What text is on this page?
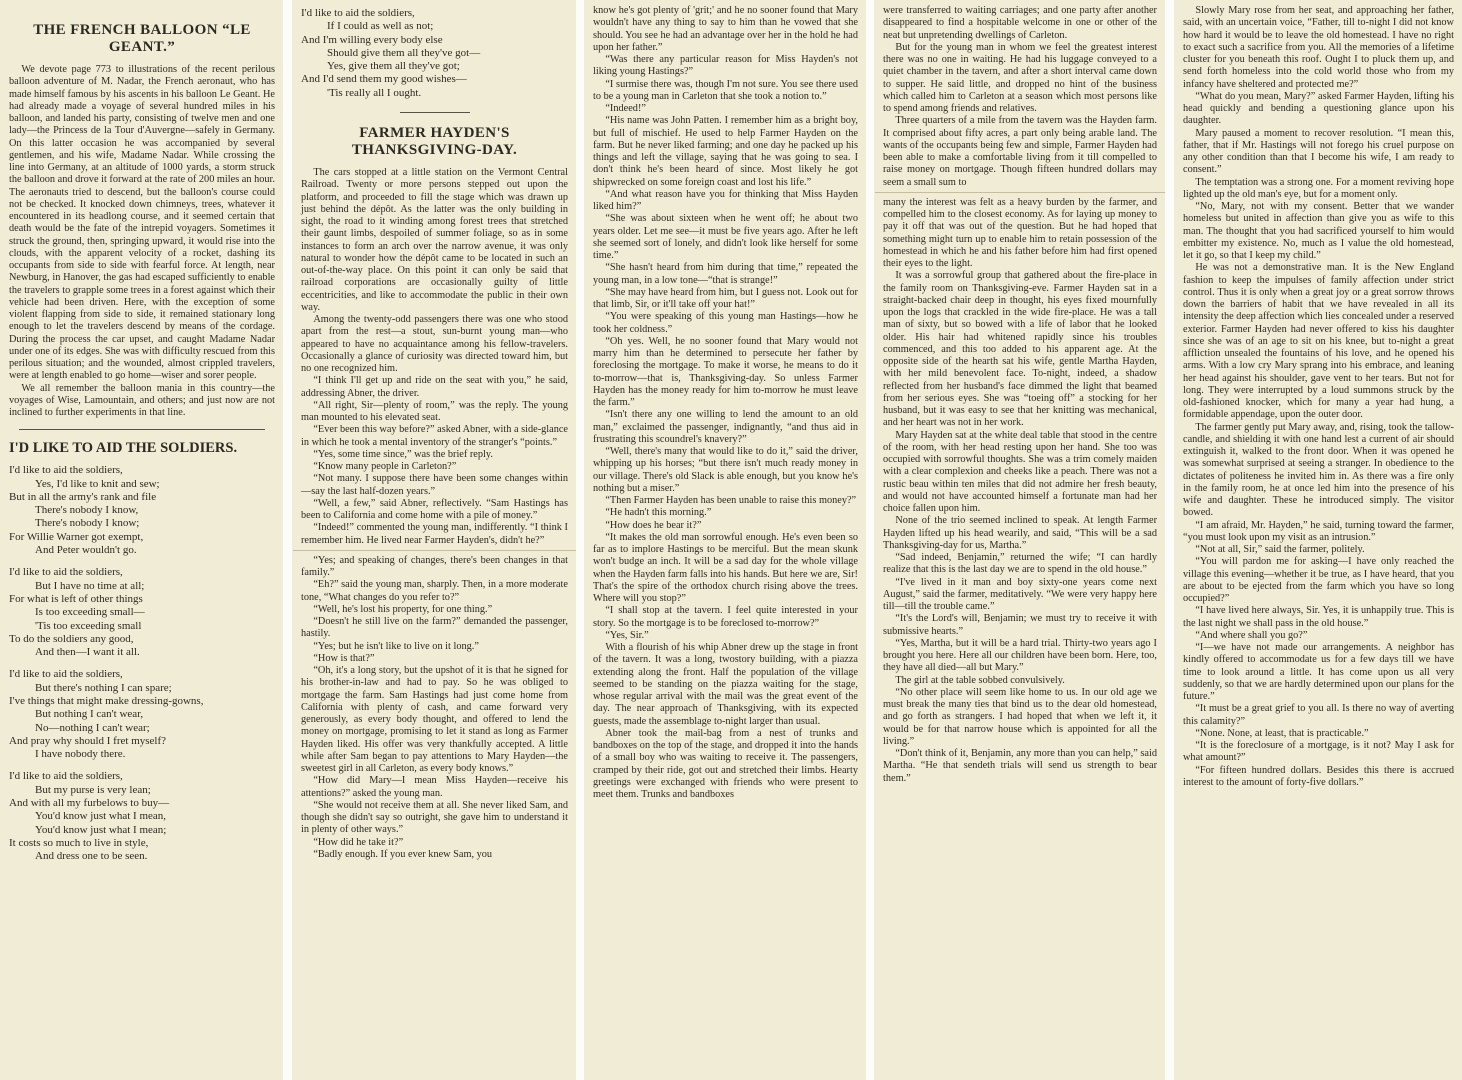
THE FRENCH BALLOON “LE GEANT.”

We devote page 773 to illustrations of the recent perilous balloon adventure of M. Nadar, the French aeronaut, who has made himself famous by his ascents in his balloon Le Geant. He had already made a voyage of several hundred miles in his balloon, and landed his party, consisting of twelve men and one lady—the Princess de la Tour d'Auvergne—safely in Germany. On this latter occasion he was accompanied by several gentlemen, and his wife, Madame Nadar. While crossing the line into Germany, at an altitude of 1000 yards, a storm struck the balloon and drove it forward at the rate of 200 miles an hour. The aeronauts tried to descend, but the balloon's course could not be checked. It knocked down chimneys, trees, whatever it encountered in its headlong course, and it seemed certain that death would be the fate of the intrepid voyagers. Sometimes it struck the ground, then, springing upward, it would rise into the clouds, with the apparent velocity of a rocket, dashing its occupants from side to side with fearful force. At length, near Newburg, in Hanover, the gas had escaped sufficiently to enable the travelers to grapple some trees in a forest against which their vehicle had been driven. Here, with the exception of some violent flapping from side to side, it remained stationary long enough to let the travelers descend by means of the cordage. During the process the car upset, and caught Madame Nadar under one of its edges. She was with difficulty rescued from this perilous situation; and the wounded, almost crippled travelers, were at length enabled to go home—wiser and sorer people.

We all remember the balloon mania in this country—the voyages of Wise, Lamountain, and others; and just now are not inclined to further experiments in that line.

I'D LIKE TO AID THE SOLDIERS.
I'd like to aid the soldiers,
Yes, I'd like to knit and sew;
But in all the army's rank and file
There's nobody I know,
There's nobody I know;
For Willie Warner got exempt,
And Peter wouldn't go.
I'd like to aid the soldiers,
But I have no time at all;
For what is left of other things
Is too exceeding small—
'Tis too exceeding small
To do the soldiers any good,
And then—I want it all.
I'd like to aid the soldiers,
But there's nothing I can spare;
I've things that might make dressing-gowns,
But nothing I can't wear,
No—nothing I can't wear;
And pray why should I fret myself?
I have nobody there.
I'd like to aid the soldiers,
But my purse is very lean;
And with all my furbelows to buy—
You'd know just what I mean,
You'd know just what I mean;
It costs so much to live in style,
And dress one to be seen.
I'd like to aid the soldiers,
If I could as well as not;
And I'm willing every body else
Should give them all they've got—
Yes, give them all they've got;
And I'd send them my good wishes—
'Tis really all I ought.
FARMER HAYDEN'S THANKSGIVING-DAY.

The cars stopped at a little station on the Vermont Central Railroad. Twenty or more persons stepped out upon the platform, and proceeded to fill the stage which was drawn up just behind the dépôt. As the latter was the only building in sight, the road to it winding among forest trees that stretched their gaunt limbs, despoiled of summer foliage, so as in some instances to form an arch over the narrow avenue, it was only natural to wonder how the dépôt came to be located in such an out-of-the-way place. On this point it can only be said that railroad corporations are occasionally guilty of little eccentricities, and like to accommodate the public in their own way.

Among the twenty-odd passengers there was one who stood apart from the rest—a stout, sun-burnt young man—who appeared to have no acquaintance among his fellow-travelers. Occasionally a glance of curiosity was directed toward him, but no one recognized him.

“I think I'll get up and ride on the seat with you,” he said, addressing Abner, the driver.

“All right, Sir—plenty of room,” was the reply. The young man mounted to his elevated seat.

“Ever been this way before?” asked Abner, with a side-glance in which he took a mental inventory of the stranger's “points.”

“Yes, some time since,” was the brief reply.

“Know many people in Carleton?”

“Not many. I suppose there have been some changes within—say the last half-dozen years.”

“Well, a few,” said Abner, reflectively. “Sam Hastings has been to California and come home with a pile of money.”

“Indeed!” commented the young man, indifferently. “I think I remember him. He lived near Farmer Hayden's, didn't he?”

“Yes; and speaking of changes, there's been changes in that family.”

“Eh?” said the young man, sharply. Then, in a more moderate tone, “What changes do you refer to?”

“Well, he's lost his property, for one thing.”

“Doesn't he still live on the farm?” demanded the passenger, hastily.

“Yes; but he isn't like to live on it long.”

“How is that?”

“Oh, it's a long story, but the upshot of it is that he signed for his brother-in-law and had to pay. So he was obliged to mortgage the farm. Sam Hastings had just come home from California with plenty of cash, and came forward very generously, as every body thought, and offered to lend the money on mortgage, promising to let it stand as long as Farmer Hayden liked. His offer was very thankfully accepted. A little while after Sam began to pay attentions to Mary Hayden—the sweetest girl in all Carleton, as every body knows.”

“How did Mary—I mean Miss Hayden—receive his attentions?” asked the young man.

“She would not receive them at all. She never liked Sam, and though she didn't say so outright, she gave him to understand it in plenty of other ways.”

“How did he take it?”

“Badly enough. If you ever knew Sam, you

know he's got plenty of 'grit;' and he no sooner found that Mary wouldn't have any thing to say to him than he vowed that she should. You see he had an advantage over her in the hold he had upon her father.”

“Was there any particular reason for Miss Hayden's not liking young Hastings?”

“I surmise there was, though I'm not sure. You see there used to be a young man in Carleton that she took a notion to.”

“Indeed!”

“His name was John Patten. I remember him as a bright boy, but full of mischief. He used to help Farmer Hayden on the farm. But he never liked farming; and one day he packed up his things and left the village, saying that he was going to sea. I don't think he's been heard of since. Most likely he got shipwrecked on some foreign coast and lost his life.”

“And what reason have you for thinking that Miss Hayden liked him?”

“She was about sixteen when he went off; he about two years older. Let me see—it must be five years ago. After he left she seemed sort of lonely, and didn't look like herself for some time.”

“She hasn't heard from him during that time,” repeated the young man, in a low tone—“that is strange!”

“She may have heard from him, but I guess not. Look out for that limb, Sir, or it'll take off your hat!”

“You were speaking of this young man Hastings—how he took her coldness.”

“Oh yes. Well, he no sooner found that Mary would not marry him than he determined to persecute her father by foreclosing the mortgage. To make it worse, he means to do it to-morrow—that is, Thanksgiving-day. So unless Farmer Hayden has the money ready for him to-morrow he must leave the farm.”

“Isn't there any one willing to lend the amount to an old man,” exclaimed the passenger, indignantly, “and thus aid in frustrating this scoundrel's knavery?”

“Well, there's many that would like to do it,” said the driver, whipping up his horses; “but there isn't much ready money in our village. There's old Slack is able enough, but you know he's nothing but a miser.”

“Then Farmer Hayden has been unable to raise this money?”

“He hadn't this morning.”

“How does he bear it?”

“It makes the old man sorrowful enough. He's even been so far as to implore Hastings to be merciful. But the mean skunk won't budge an inch. It will be a sad day for the whole village when the Hayden farm falls into his hands. But here we are, Sir! That's the spire of the orthodox church rising above the trees. Where will you stop?”

“I shall stop at the tavern. I feel quite interested in your story. So the mortgage is to be foreclosed to-morrow?”

“Yes, Sir.”

With a flourish of his whip Abner drew up the stage in front of the tavern. It was a long, twostory building, with a piazza extending along the front. Half the population of the village seemed to be standing on the piazza waiting for the stage, whose regular arrival with the mail was the great event of the day. The near approach of Thanksgiving, with its expected guests, made the assemblage to-night larger than usual.

Abner took the mail-bag from a nest of trunks and bandboxes on the top of the stage, and dropped it into the hands of a small boy who was waiting to receive it. The passengers, cramped by their ride, got out and stretched their limbs. Hearty greetings were exchanged with friends who were present to meet them. Trunks and bandboxes

were transferred to waiting carriages; and one party after another disappeared to find a hospitable welcome in one or other of the neat but unpretending dwellings of Carleton.

But for the young man in whom we feel the greatest interest there was no one in waiting. He had his luggage conveyed to a quiet chamber in the tavern, and after a short interval came down to supper. He said little, and dropped no hint of the business which called him to Carleton at a season which most persons like to spend among friends and relatives.

Three quarters of a mile from the tavern was the Hayden farm. It comprised about fifty acres, a part only being arable land. The wants of the occupants being few and simple, Farmer Hayden had been able to make a comfortable living from it till compelled to raise money on mortgage. Though fifteen hundred dollars may seem a small sum to

many the interest was felt as a heavy burden by the farmer, and compelled him to the closest economy. As for laying up money to pay it off that was out of the question. But he had hoped that something might turn up to enable him to retain possession of the homestead in which he and his father before him had first opened their eyes to the light.

It was a sorrowful group that gathered about the fire-place in the family room on Thanksgiving-eve. Farmer Hayden sat in a straight-backed chair deep in thought, his eyes fixed mournfully upon the logs that crackled in the wide fire-place. He was a tall man of sixty, but so bowed with a life of labor that he looked older. His hair had whitened rapidly since his troubles commenced, and this too added to his apparent age. At the opposite side of the hearth sat his wife, gentle Martha Hayden, with her mild benevolent face. To-night, indeed, a shadow reflected from her husband's face dimmed the light that beamed from her serious eyes. She was “toeing off” a stocking for her husband, but it was easy to see that her knitting was mechanical, and her heart was not in her work.

Mary Hayden sat at the white deal table that stood in the centre of the room, with her head resting upon her hand. She too was occupied with sorrowful thoughts. She was a trim comely maiden with a clear complexion and cheeks like a peach. There was not a rustic beau within ten miles that did not admire her fresh beauty, and would not have accounted himself a fortunate man had her choice fallen upon him.

None of the trio seemed inclined to speak. At length Farmer Hayden lifted up his head wearily, and said, “This will be a sad Thanksgiving-day for us, Martha.”

“Sad indeed, Benjamin,” returned the wife; “I can hardly realize that this is the last day we are to spend in the old house.”

“I've lived in it man and boy sixty-one years come next August,” said the farmer, meditatively. “We were very happy here till—till the trouble came.”

“It's the Lord's will, Benjamin; we must try to receive it with submissive hearts.”

“Yes, Martha, but it will be a hard trial. Thirty-two years ago I brought you here. Here all our children have been born. Here, too, they have all died—all but Mary.”

The girl at the table sobbed convulsively.

“No other place will seem like home to us. In our old age we must break the many ties that bind us to the dear old homestead, and go forth as strangers. I had hoped that when we left it, it would be for that narrow house which is appointed for all the living.”

“Don't think of it, Benjamin, any more than you can help,” said Martha. “He that sendeth trials will send us strength to bear them.”

Slowly Mary rose from her seat, and approaching her father, said, with an uncertain voice, “Father, till to-night I did not know how hard it would be to leave the old homestead. I have no right to exact such a sacrifice from you. All the memories of a lifetime cluster for you beneath this roof. Ought I to pluck them up, and send forth homeless into the cold world those who from my infancy have sheltered and protected me?”

“What do you mean, Mary?” asked Farmer Hayden, lifting his head quickly and bending a questioning glance upon his daughter.

Mary paused a moment to recover resolution. “I mean this, father, that if Mr. Hastings will not forego his cruel purpose on any other condition than that I become his wife, I am ready to consent.”

The temptation was a strong one. For a moment reviving hope lighted up the old man's eye, but for a moment only.

“No, Mary, not with my consent. Better that we wander homeless but united in affection than give you as wife to this man. The thought that you had sacrificed yourself to him would embitter my existence. No, much as I value the old homestead, let it go, so that I keep my child.”

He was not a demonstrative man. It is the New England fashion to keep the impulses of family affection under strict control. Thus it is only when a great joy or a great sorrow throws down the barriers of habit that we have revealed in all its intensity the deep affection which lies concealed under a reserved exterior. Farmer Hayden had never offered to kiss his daughter since she was of an age to sit on his knee, but to-night a great affliction unsealed the fountains of his love, and he opened his arms. With a low cry Mary sprang into his embrace, and leaning her head against his shoulder, gave vent to her tears. But not for long. They were interrupted by a loud summons struck by the old-fashioned knocker, which for many a year had hung, a formidable appendage, upon the outer door.

The farmer gently put Mary away, and, rising, took the tallow-candle, and shielding it with one hand lest a current of air should extinguish it, walked to the front door. When it was opened he was somewhat surprised at seeing a stranger. In obedience to the dictates of politeness he invited him in. As there was a fire only in the family room, he at once led him into the presence of his wife and daughter. These he introduced simply. The visitor bowed.

“I am afraid, Mr. Hayden,” he said, turning toward the farmer, “you must look upon my visit as an intrusion.”

“Not at all, Sir,” said the farmer, politely.

“You will pardon me for asking—I have only reached the village this evening—whether it be true, as I have heard, that you are about to be ejected from the farm which you have so long occupied?”

“I have lived here always, Sir. Yes, it is unhappily true. This is the last night we shall pass in the old house.”

“And where shall you go?”

“I—we have not made our arrangements. A neighbor has kindly offered to accommodate us for a few days till we have time to look around a little. It has come upon us all very suddenly, so that we are hardly determined upon our plans for the future.”

“It must be a great grief to you all. Is there no way of averting this calamity?”

“None. None, at least, that is practicable.”

“It is the foreclosure of a mortgage, is it not? May I ask for what amount?”

“For fifteen hundred dollars. Besides this there is accrued interest to the amount of forty-five dollars.”
